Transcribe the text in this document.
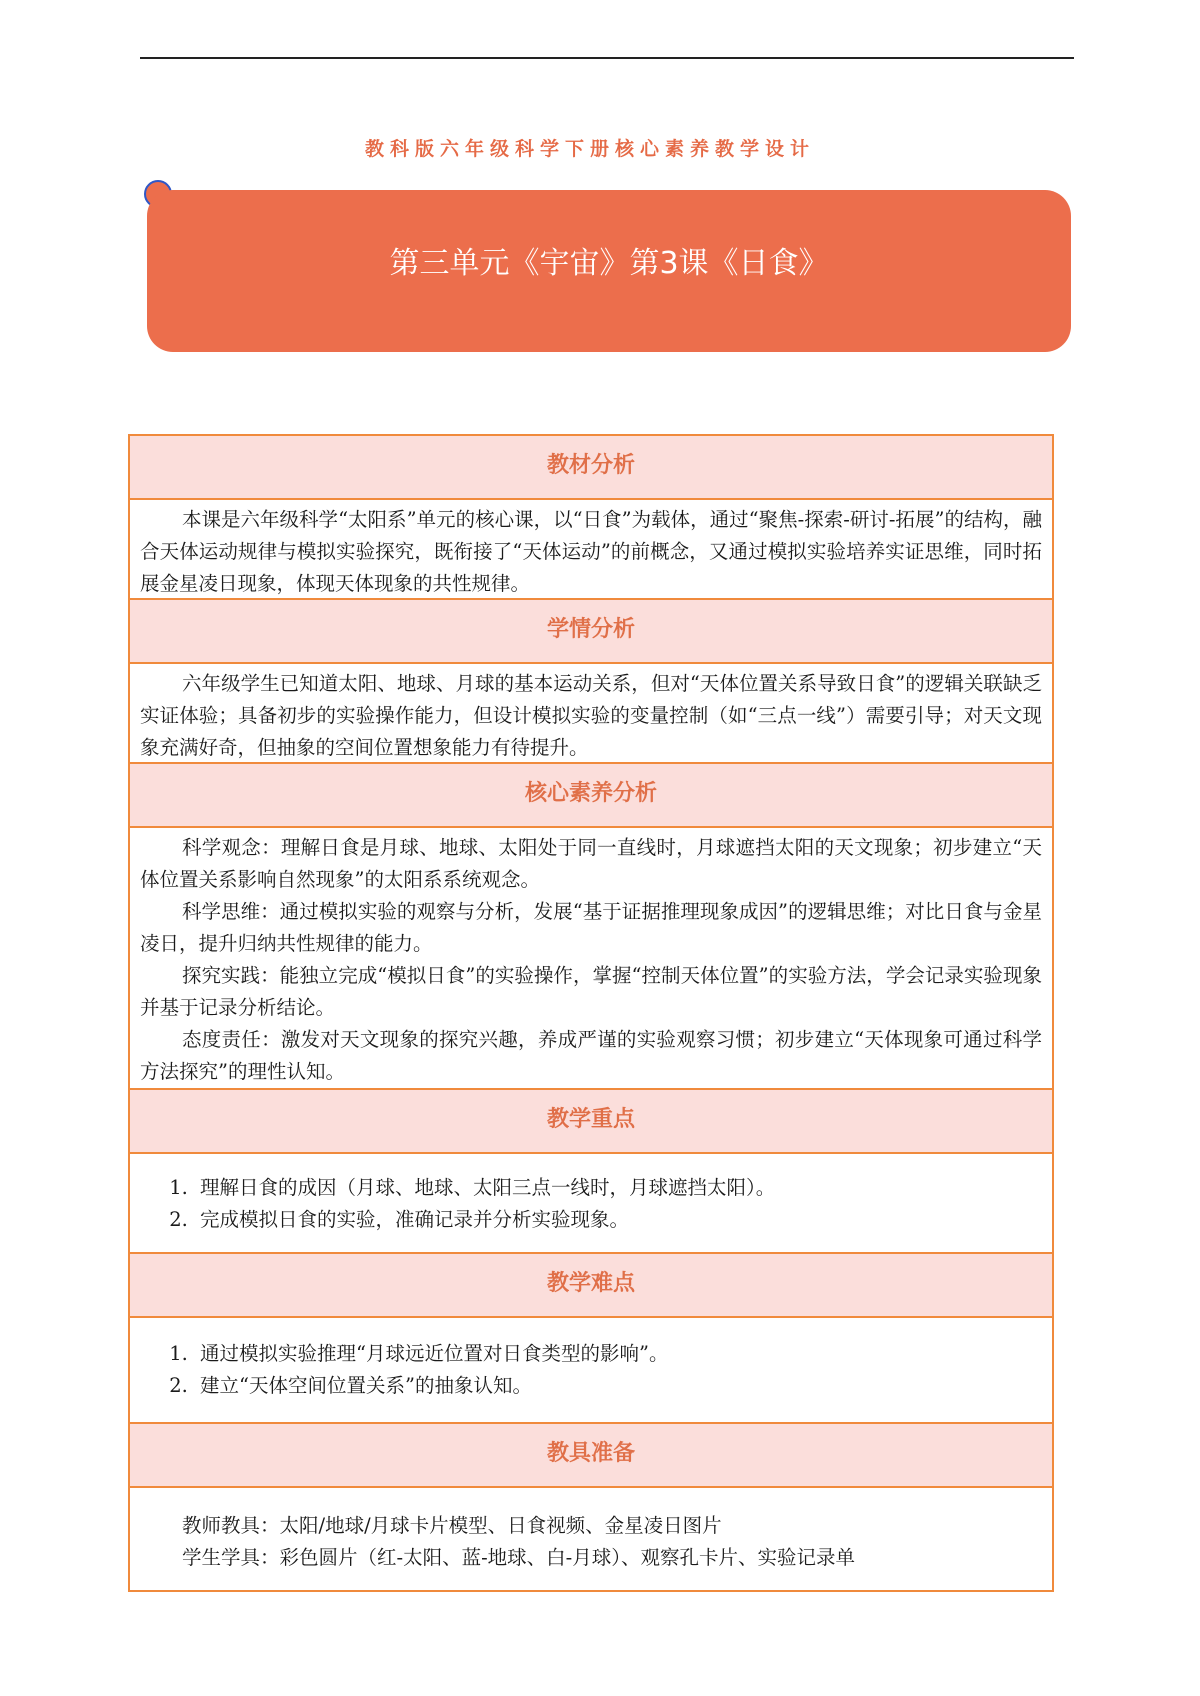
教科版六年级科学下册核心素养教学设计
第三单元《宇宙》第3课《日食》
教材分析

本课是六年级科学“太阳系”单元的核心课，以“日食”为载体，通过“聚焦-探索-研讨-拓展”的结构，融合天体运动规律与模拟实验探究，既衔接了“天体运动”的前概念，又通过模拟实验培养实证思维，同时拓展金星凌日现象，体现天体现象的共性规律。

学情分析

六年级学生已知道太阳、地球、月球的基本运动关系，但对“天体位置关系导致日食”的逻辑关联缺乏实证体验；具备初步的实验操作能力，但设计模拟实验的变量控制（如“三点一线”）需要引导；对天文现象充满好奇，但抽象的空间位置想象能力有待提升。

核心素养分析

科学观念：理解日食是月球、地球、太阳处于同一直线时，月球遮挡太阳的天文现象；初步建立“天体位置关系影响自然现象”的太阳系系统观念。

科学思维：通过模拟实验的观察与分析，发展“基于证据推理现象成因”的逻辑思维；对比日食与金星凌日，提升归纳共性规律的能力。

探究实践：能独立完成“模拟日食”的实验操作，掌握“控制天体位置”的实验方法，学会记录实验现象并基于记录分析结论。

态度责任：激发对天文现象的探究兴趣，养成严谨的实验观察习惯；初步建立“天体现象可通过科学方法探究”的理性认知。

教学重点
1. 理解日食的成因（月球、地球、太阳三点一线时，月球遮挡太阳）。
2. 完成模拟日食的实验，准确记录并分析实验现象。
教学难点
1. 通过模拟实验推理“月球远近位置对日食类型的影响”。
2. 建立“天体空间位置关系”的抽象认知。
教具准备
教师教具：太阳/地球/月球卡片模型、日食视频、金星凌日图片
学生学具：彩色圆片（红-太阳、蓝-地球、白-月球）、观察孔卡片、实验记录单
